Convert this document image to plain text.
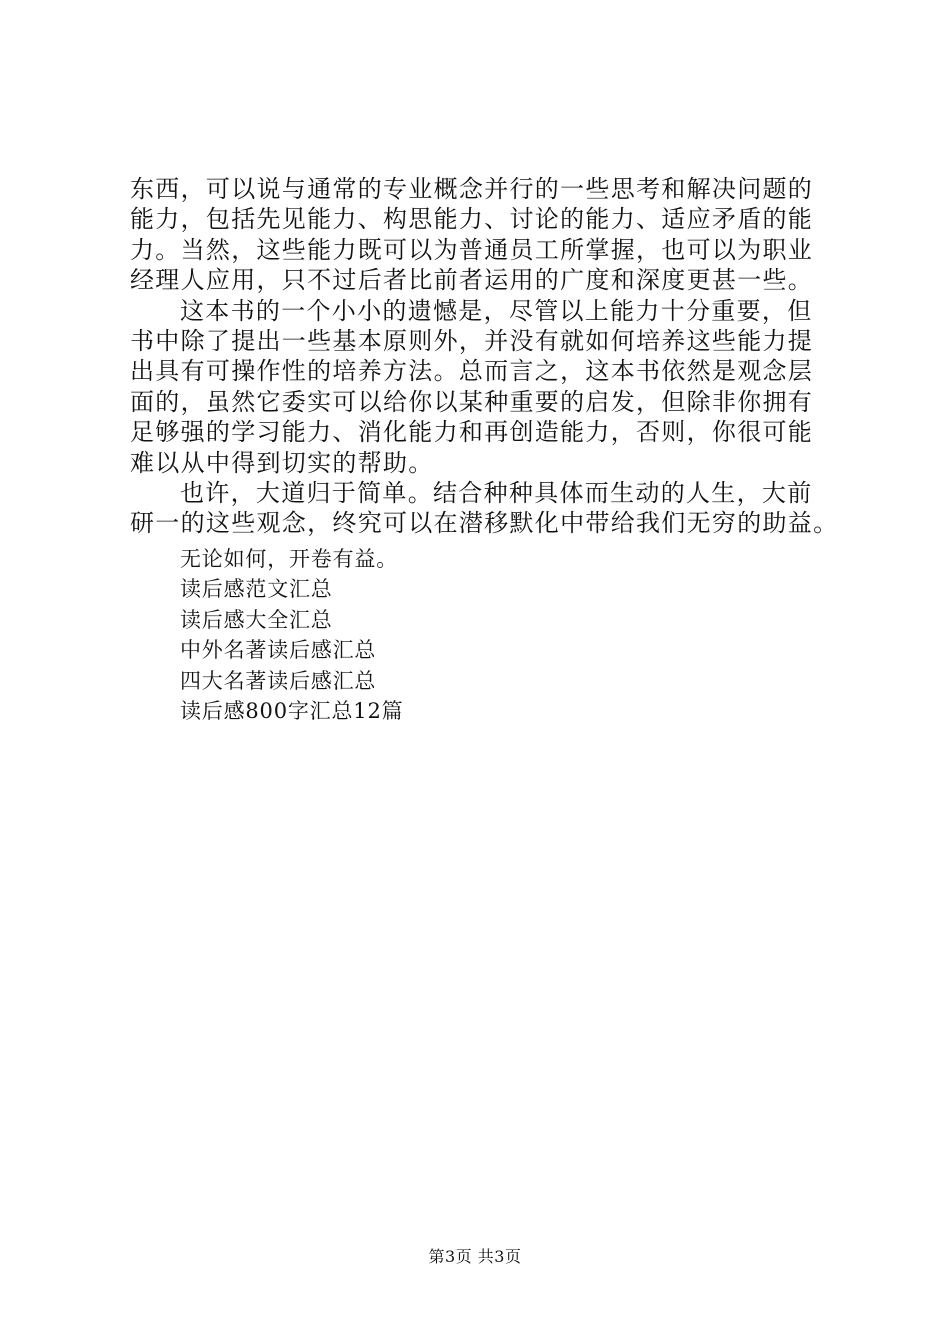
东西，可以说与通常的专业概念并行的一些思考和解决问题的
能力，包括先见能力、构思能力、讨论的能力、适应矛盾的能
力。当然，这些能力既可以为普通员工所掌握，也可以为职业
经理人应用，只不过后者比前者运用的广度和深度更甚一些。
这本书的一个小小的遗憾是，尽管以上能力十分重要，但
书中除了提出一些基本原则外，并没有就如何培养这些能力提
出具有可操作性的培养方法。总而言之，这本书依然是观念层
面的，虽然它委实可以给你以某种重要的启发，但除非你拥有
足够强的学习能力、消化能力和再创造能力，否则，你很可能
难以从中得到切实的帮助。
也许，大道归于简单。结合种种具体而生动的人生，大前
研一的这些观念，终究可以在潜移默化中带给我们无穷的助益。
无论如何，开卷有益。
读后感范文汇总
读后感大全汇总
中外名著读后感汇总
四大名著读后感汇总
读后感800字汇总12篇
第3页 共3页
